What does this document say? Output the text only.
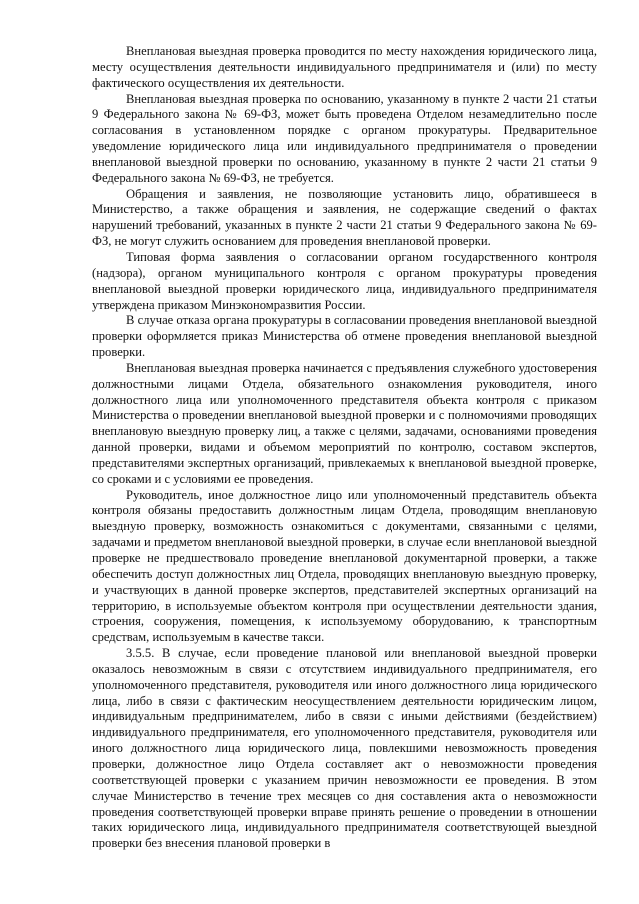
Внеплановая выездная проверка проводится по месту нахождения юридического лица, месту осуществления деятельности индивидуального предпринимателя и (или) по месту фактического осуществления их деятельности.

Внеплановая выездная проверка по основанию, указанному в пункте 2 части 21 статьи 9 Федерального закона № 69-ФЗ, может быть проведена Отделом незамедлительно после согласования в установленном порядке с органом прокуратуры. Предварительное уведомление юридического лица или индивидуального предпринимателя о проведении внеплановой выездной проверки по основанию, указанному в пункте 2 части 21 статьи 9 Федерального закона № 69-ФЗ, не требуется.

Обращения и заявления, не позволяющие установить лицо, обратившееся в Министерство, а также обращения и заявления, не содержащие сведений о фактах нарушений требований, указанных в пункте 2 части 21 статьи 9 Федерального закона № 69-ФЗ, не могут служить основанием для проведения внеплановой проверки.

Типовая форма заявления о согласовании органом государственного контроля (надзора), органом муниципального контроля с органом прокуратуры проведения внеплановой выездной проверки юридического лица, индивидуального предпринимателя утверждена приказом Минэкономразвития России.

В случае отказа органа прокуратуры в согласовании проведения внеплановой выездной проверки оформляется приказ Министерства об отмене проведения внеплановой выездной проверки.

Внеплановая выездная проверка начинается с предъявления служебного удостоверения должностными лицами Отдела, обязательного ознакомления руководителя, иного должностного лица или уполномоченного представителя объекта контроля с приказом Министерства о проведении внеплановой выездной проверки и с полномочиями проводящих внеплановую выездную проверку лиц, а также с целями, задачами, основаниями проведения данной проверки, видами и объемом мероприятий по контролю, составом экспертов, представителями экспертных организаций, привлекаемых к внеплановой выездной проверке, со сроками и с условиями ее проведения.

Руководитель, иное должностное лицо или уполномоченный представитель объекта контроля обязаны предоставить должностным лицам Отдела, проводящим внеплановую выездную проверку, возможность ознакомиться с документами, связанными с целями, задачами и предметом внеплановой выездной проверки, в случае если внеплановой выездной проверке не предшествовало проведение внеплановой документарной проверки, а также обеспечить доступ должностных лиц Отдела, проводящих внеплановую выездную проверку, и участвующих в данной проверке экспертов, представителей экспертных организаций на территорию, в используемые объектом контроля при осуществлении деятельности здания, строения, сооружения, помещения, к используемому оборудованию, к транспортным средствам, используемым в качестве такси.

3.5.5. В случае, если проведение плановой или внеплановой выездной проверки оказалось невозможным в связи с отсутствием индивидуального предпринимателя, его уполномоченного представителя, руководителя или иного должностного лица юридического лица, либо в связи с фактическим неосуществлением деятельности юридическим лицом, индивидуальным предпринимателем, либо в связи с иными действиями (бездействием) индивидуального предпринимателя, его уполномоченного представителя, руководителя или иного должностного лица юридического лица, повлекшими невозможность проведения проверки, должностное лицо Отдела составляет акт о невозможности проведения соответствующей проверки с указанием причин невозможности ее проведения. В этом случае Министерство в течение трех месяцев со дня составления акта о невозможности проведения соответствующей проверки вправе принять решение о проведении в отношении таких юридического лица, индивидуального предпринимателя соответствующей выездной проверки без внесения плановой проверки в
